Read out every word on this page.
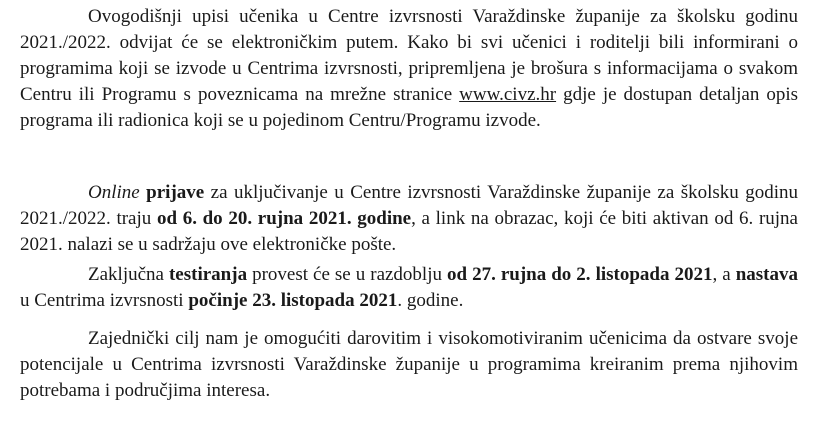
Ovogodišnji upisi učenika u Centre izvrsnosti Varaždinske županije za školsku godinu 2021./2022. odvijat će se elektroničkim putem. Kako bi svi učenici i roditelji bili informirani o programima koji se izvode u Centrima izvrsnosti, pripremljena je brošura s informacijama o svakom Centru ili Programu s poveznicama na mrežne stranice www.civz.hr gdje je dostupan detaljan opis programa ili radionica koji se u pojedinom Centru/Programu izvode.

Online prijave za uključivanje u Centre izvrsnosti Varaždinske županije za školsku godinu 2021./2022. traju od 6. do 20. rujna 2021. godine, a link na obrazac, koji će biti aktivan od 6. rujna 2021. nalazi se u sadržaju ove elektroničke pošte.

Zaključna testiranja provest će se u razdoblju od 27. rujna do 2. listopada 2021, a nastava u Centrima izvrsnosti počinje 23. listopada 2021. godine.

Zajednički cilj nam je omogućiti darovitim i visokomotiviranim učenicima da ostvare svoje potencijale u Centrima izvrsnosti Varaždinske županije u programima kreiranim prema njihovim potrebama i područjima interesa.
